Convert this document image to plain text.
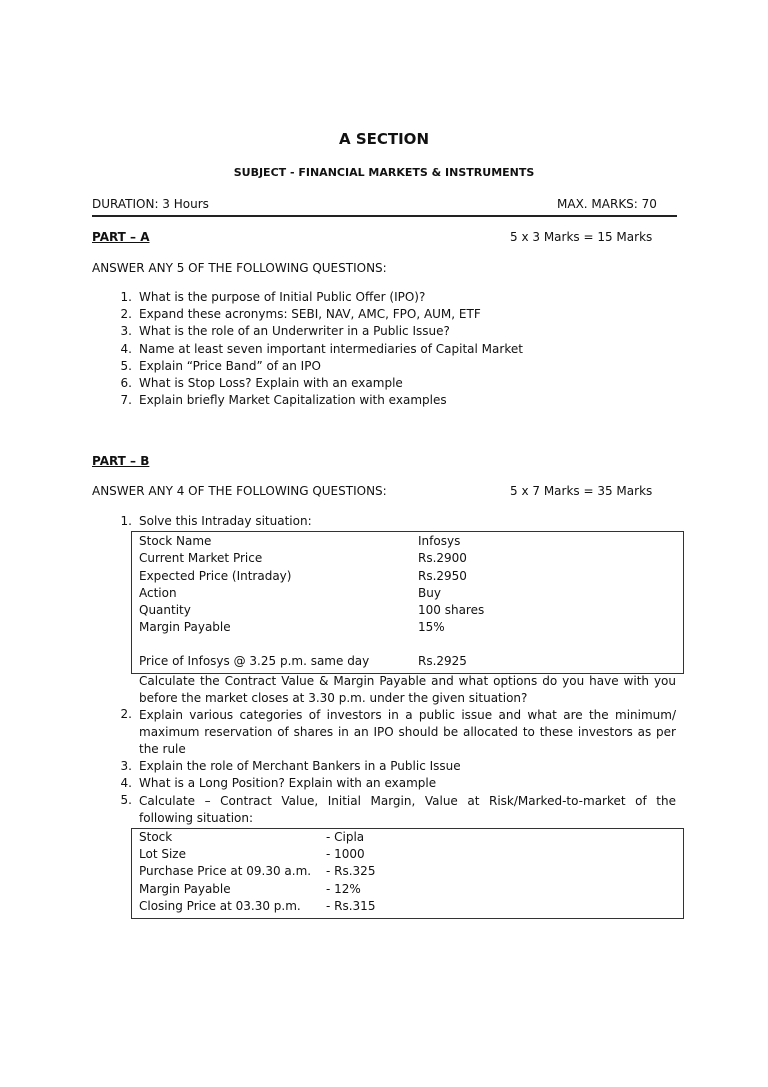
A SECTION
SUBJECT - FINANCIAL MARKETS & INSTRUMENTS
DURATION: 3 Hours	MAX. MARKS: 70
PART – A	5 x 3 Marks = 15 Marks
ANSWER ANY 5 OF THE FOLLOWING QUESTIONS:
1. What is the purpose of Initial Public Offer (IPO)?
2. Expand these acronyms: SEBI, NAV, AMC, FPO, AUM, ETF
3. What is the role of an Underwriter in a Public Issue?
4. Name at least seven important intermediaries of Capital Market
5. Explain “Price Band” of an IPO
6. What is Stop Loss? Explain with an example
7. Explain briefly Market Capitalization with examples
PART – B
ANSWER ANY 4 OF THE FOLLOWING QUESTIONS:	5 x 7 Marks = 35 Marks
1. Solve this Intraday situation:
Stock Name	Infosys
Current Market Price	Rs.2900
Expected Price (Intraday)	Rs.2950
Action	Buy
Quantity	100 shares
Margin Payable	15%
Price of Infosys @ 3.25 p.m. same day	Rs.2925
Calculate the Contract Value & Margin Payable and what options do you have with you before the market closes at 3.30 p.m. under the given situation?
2. Explain various categories of investors in a public issue and what are the minimum/ maximum reservation of shares in an IPO should be allocated to these investors as per the rule
3. Explain the role of Merchant Bankers in a Public Issue
4. What is a Long Position? Explain with an example
5. Calculate – Contract Value, Initial Margin, Value at Risk/Marked-to-market of the following situation:
Stock	- Cipla
Lot Size	- 1000
Purchase Price at 09.30 a.m. - Rs.325
Margin Payable	- 12%
Closing Price at 03.30 p.m. - Rs.315
